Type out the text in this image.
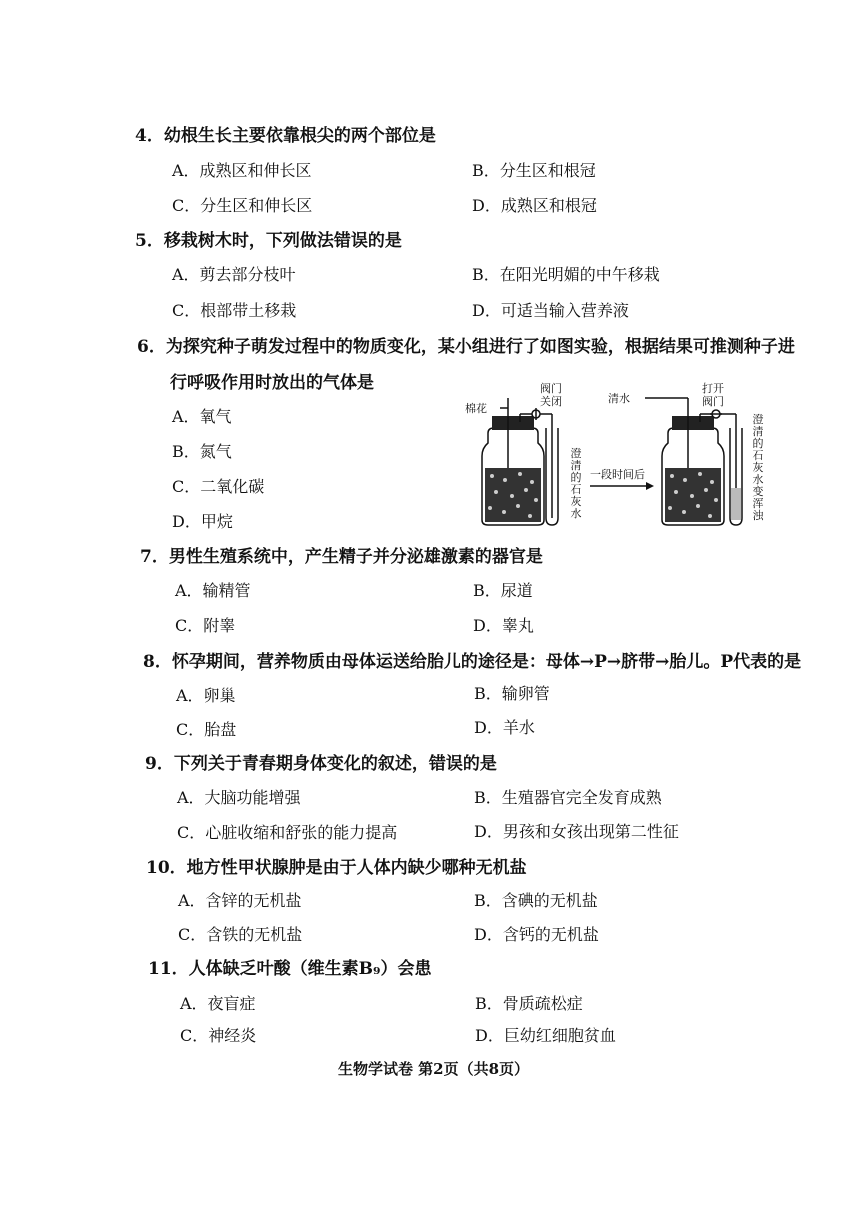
4．幼根生长主要依靠根尖的两个部位是
A．成熟区和伸长区	B．分生区和根冠
C．分生区和伸长区	D．成熟区和根冠
5．移栽树木时，下列做法错误的是
A．剪去部分枝叶	B．在阳光明媚的中午移栽
C．根部带土移栽	D．可适当输入营养液
6．为探究种子萌发过程中的物质变化，某小组进行了如图实验，根据结果可推测种子进
行呼吸作用时放出的气体是
A．氧气
B．氮气
C．二氧化碳
D．甲烷
棉花
阀门
关闭
一段时间后
清水
打开
阀门
澄清的石灰水
澄清的石灰水变浑浊
7．男性生殖系统中，产生精子并分泌雄激素的器官是
A．输精管	B．尿道
C．附睾	D．睾丸
8．怀孕期间，营养物质由母体运送给胎儿的途径是：母体→P→脐带→胎儿。P代表的是
A．卵巢	B．输卵管
C．胎盘	D．羊水
9．下列关于青春期身体变化的叙述，错误的是
A．大脑功能增强	B．生殖器官完全发育成熟
C．心脏收缩和舒张的能力提高	D．男孩和女孩出现第二性征
10．地方性甲状腺肿是由于人体内缺少哪种无机盐
A．含锌的无机盐	B．含碘的无机盐
C．含铁的无机盐	D．含钙的无机盐
11．人体缺乏叶酸（维生素B₉）会患
A．夜盲症	B．骨质疏松症
C．神经炎	D．巨幼红细胞贫血
生物学试卷 第2页（共8页）
